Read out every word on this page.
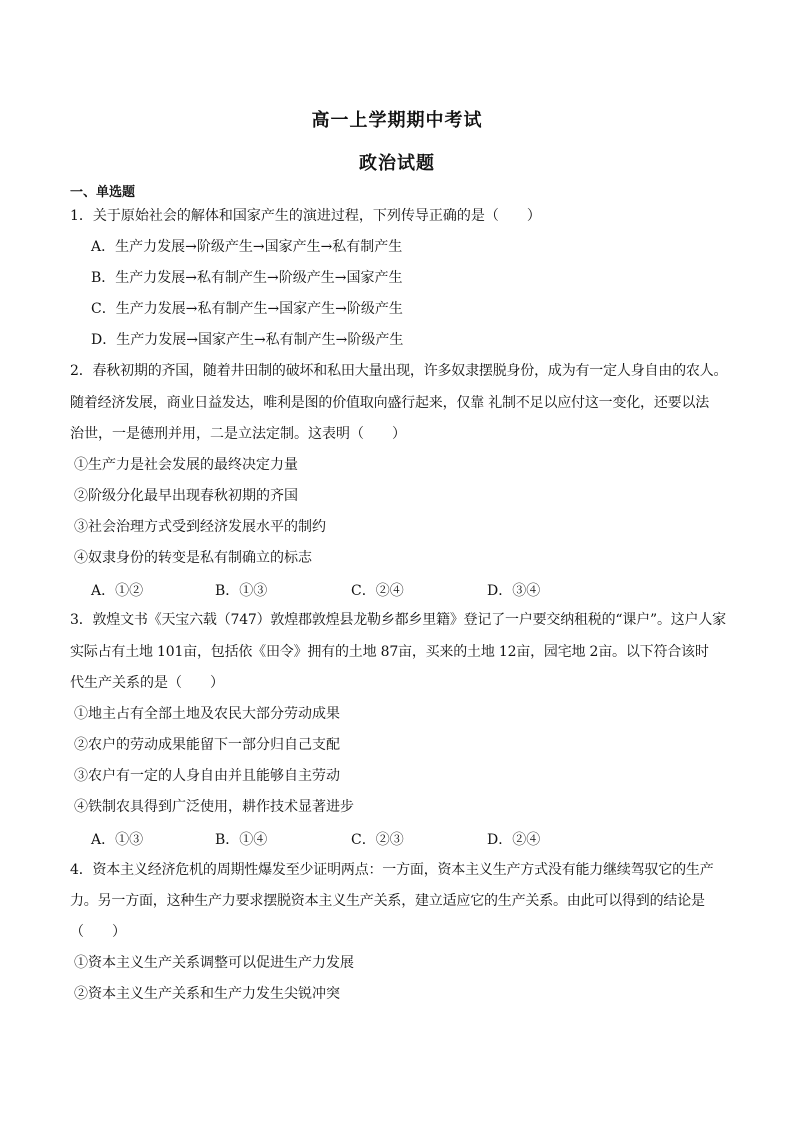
高一上学期期中考试
政治试题
一、单选题
1．关于原始社会的解体和国家产生的演进过程，下列传导正确的是（　　）
A．生产力发展→阶级产生→国家产生→私有制产生
B．生产力发展→私有制产生→阶级产生→国家产生
C．生产力发展→私有制产生→国家产生→阶级产生
D．生产力发展→国家产生→私有制产生→阶级产生
2．春秋初期的齐国，随着井田制的破坏和私田大量出现，许多奴隶摆脱身份，成为有一定人身自由的农人。
随着经济发展，商业日益发达，唯利是图的价值取向盛行起来，仅靠 礼制不足以应付这一变化，还要以法
治世，一是德刑并用，二是立法定制。这表明（　　）
①生产力是社会发展的最终决定力量
②阶级分化最早出现春秋初期的齐国
③社会治理方式受到经济发展水平的制约
④奴隶身份的转变是私有制确立的标志
A．①②	B．①③	C．②④	D．③④
3．敦煌文书《天宝六载（747）敦煌郡敦煌县龙勒乡都乡里籍》登记了一户要交纳租税的“课户”。这户人家
实际占有土地 101亩，包括依《田令》拥有的土地 87亩，买来的土地 12亩，园宅地 2亩。以下符合该时
代生产关系的是（　　）
①地主占有全部土地及农民大部分劳动成果
②农户的劳动成果能留下一部分归自己支配
③农户有一定的人身自由并且能够自主劳动
④铁制农具得到广泛使用，耕作技术显著进步
A．①③	B．①④	C．②③	D．②④
4．资本主义经济危机的周期性爆发至少证明两点：一方面，资本主义生产方式没有能力继续驾驭它的生产
力。另一方面，这种生产力要求摆脱资本主义生产关系，建立适应它的生产关系。由此可以得到的结论是
（　　）
①资本主义生产关系调整可以促进生产力发展
②资本主义生产关系和生产力发生尖锐冲突
